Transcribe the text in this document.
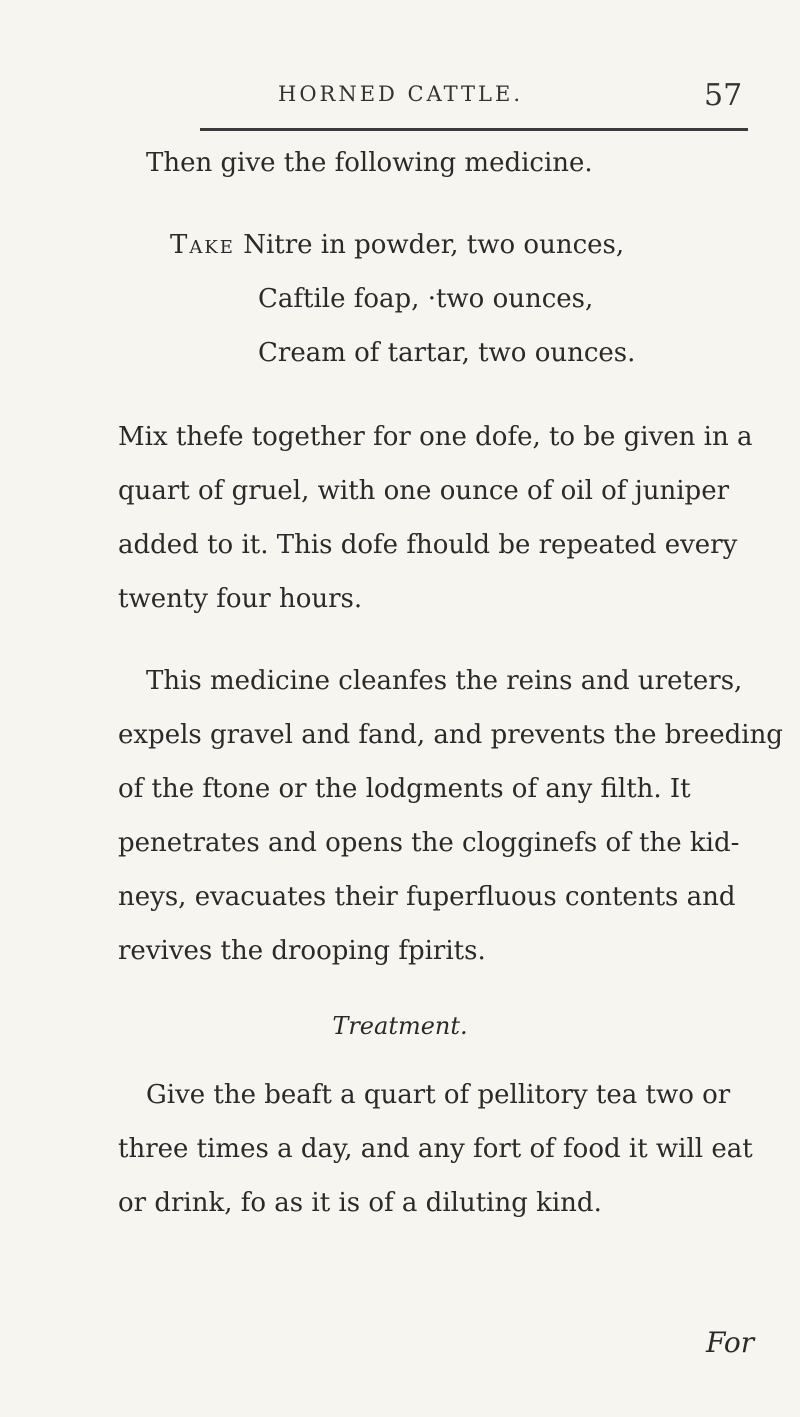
HORNED CATTLE.	57
Then give the following medicine.
Take Nitre in powder, two ounces,
Caftile foap, ·two ounces,
Cream of tartar, two ounces.
Mix thefe together for one dofe, to be given in a
quart of gruel, with one ounce of oil of juniper
added to it. This dofe fhould be repeated every
twenty four hours.
This medicine cleanfes the reins and ureters,
expels gravel and fand, and prevents the breeding
of the ftone or the lodgments of any filth. It
penetrates and opens the clogginefs of the kid-
neys, evacuates their fuperfluous contents and
revives the drooping fpirits.
Treatment.
Give the beaft a quart of pellitory tea two or
three times a day, and any fort of food it will eat
or drink, fo as it is of a diluting kind.
For
